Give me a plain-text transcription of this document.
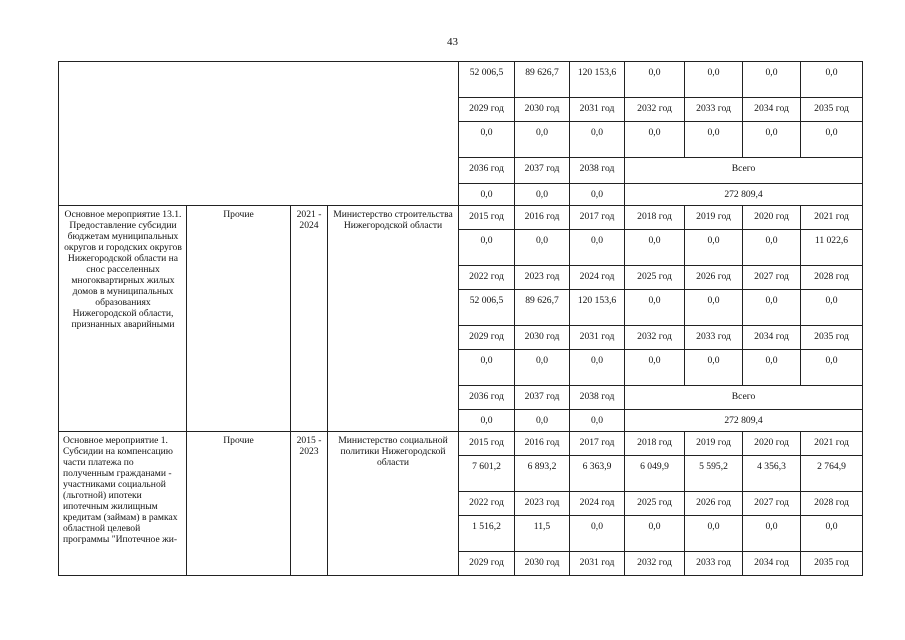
43
				52 006,5	89 626,7	120 153,6	0,0	0,0	0,0	0,0
				2029 год	2030 год	2031 год	2032 год	2033 год	2034 год	2035 год
				0,0	0,0	0,0	0,0	0,0	0,0	0,0
				2036 год	2037 год	2038 год	Всего			
				0,0	0,0	0,0	272 809,4			
Основное мероприятие 13.1. Предоставление субсидии бюджетам муниципальных округов и городских округов Нижегородской области на снос расселенных многоквартирных жилых домов в муниципальных образованиях Нижегородской области, признанных аварийными	Прочие	2021 - 2024	Министерство строительства Нижегородской области	2015 год	2016 год	2017 год	2018 год	2019 год	2020 год	2021 год
				0,0	0,0	0,0	0,0	0,0	0,0	11 022,6
				2022 год	2023 год	2024 год	2025 год	2026 год	2027 год	2028 год
				52 006,5	89 626,7	120 153,6	0,0	0,0	0,0	0,0
				2029 год	2030 год	2031 год	2032 год	2033 год	2034 год	2035 год
				0,0	0,0	0,0	0,0	0,0	0,0	0,0
				2036 год	2037 год	2038 год	Всего			
				0,0	0,0	0,0	272 809,4			
Основное мероприятие 1. Субсидии на компенсацию части платежа по полученным гражданами - участниками социальной (льготной) ипотеки ипотечным жилищным кредитам (займам) в рамках областной целевой программы "Ипотечное жи-	Прочие	2015 - 2023	Министерство социальной политики Нижегородской области	2015 год	2016 год	2017 год	2018 год	2019 год	2020 год	2021 год
				7 601,2	6 893,2	6 363,9	6 049,9	5 595,2	4 356,3	2 764,9
				2022 год	2023 год	2024 год	2025 год	2026 год	2027 год	2028 год
				1 516,2	11,5	0,0	0,0	0,0	0,0	0,0
				2029 год	2030 год	2031 год	2032 год	2033 год	2034 год	2035 год
